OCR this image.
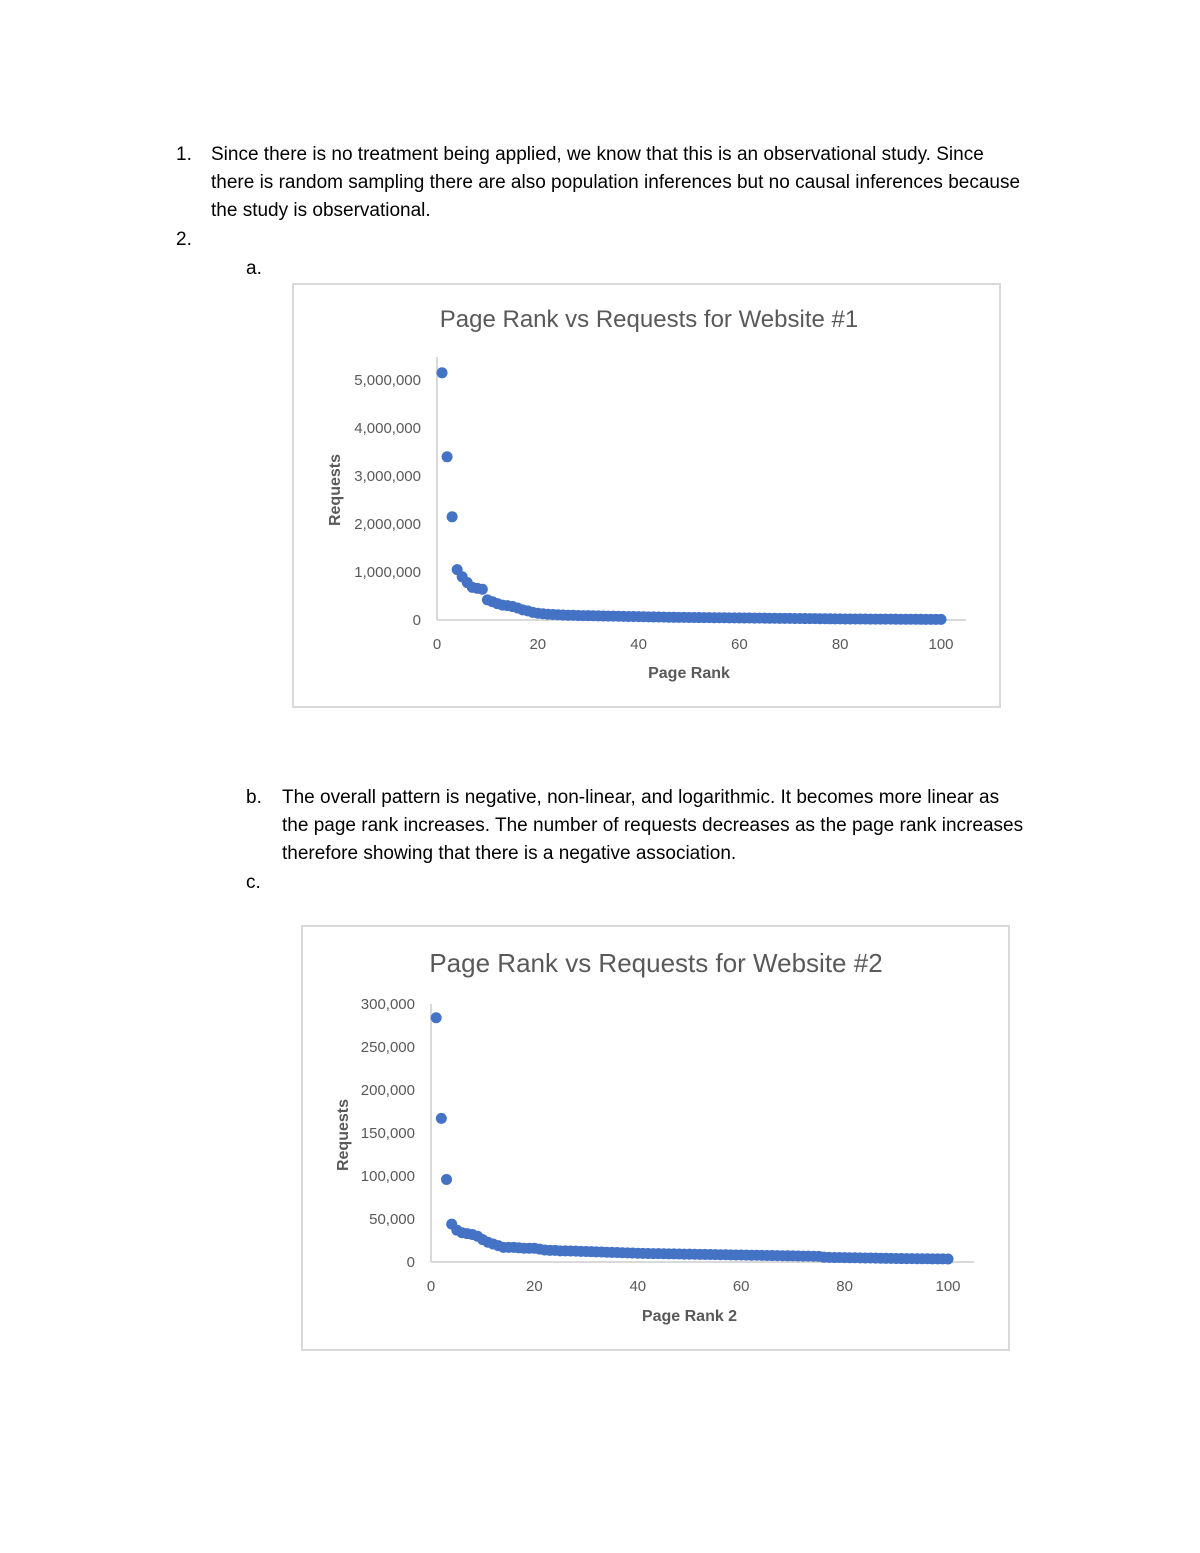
1. Since there is no treatment being applied, we know that this is an observational study. Since
there is random sampling there are also population inferences but no causal inferences because
the study is observational.
2.
a.
Page Rank vs Requests for Website #1
0
1,000,000
2,000,000
3,000,000
4,000,000
5,000,000
0	20	40	60	80	100
Page Rank
Requests
b. The overall pattern is negative, non-linear, and logarithmic. It becomes more linear as
the page rank increases. The number of requests decreases as the page rank increases
therefore showing that there is a negative association.
c.
Page Rank vs Requests for Website #2
0
50,000
100,000
150,000
200,000
250,000
300,000
0	20	40	60	80	100
Page Rank 2
Requests
